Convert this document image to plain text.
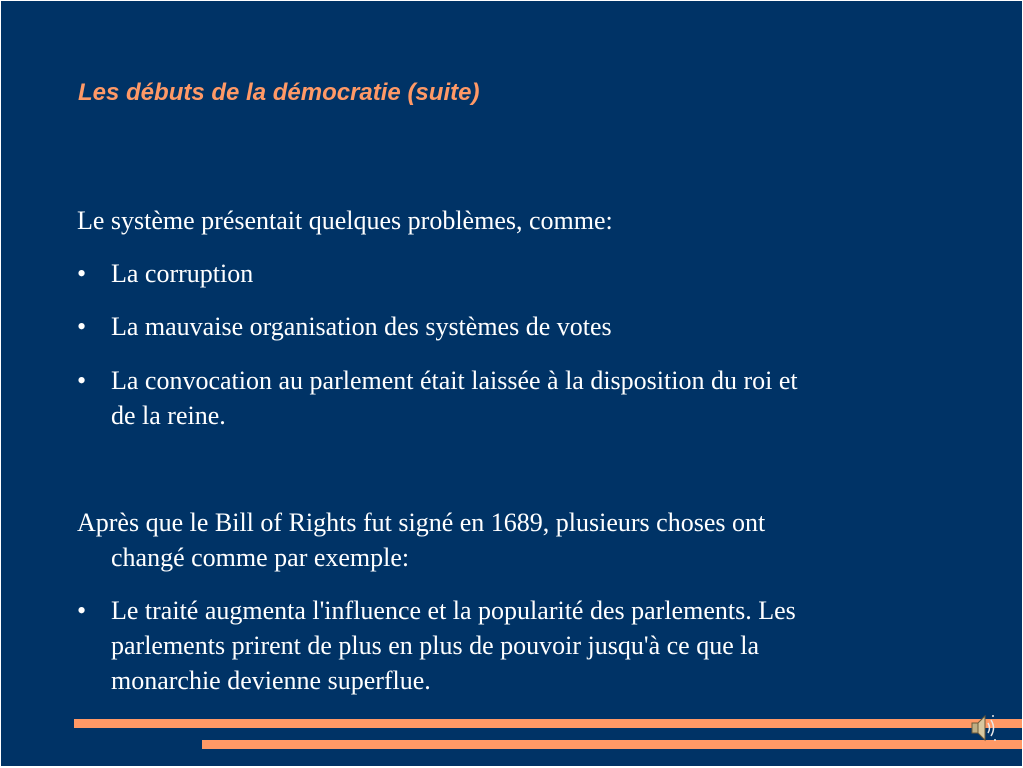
Les débuts de la démocratie (suite)
Le système présentait quelques problèmes, comme:
• La corruption
• La mauvaise organisation des systèmes de votes
• La convocation au parlement était laissée à la disposition du roi et
de la reine.
Après que le Bill of Rights fut signé en 1689, plusieurs choses ont
changé comme par exemple:
• Le traité augmenta l'influence et la popularité des parlements. Les
parlements prirent de plus en plus de pouvoir jusqu'à ce que la
monarchie devienne superflue.
